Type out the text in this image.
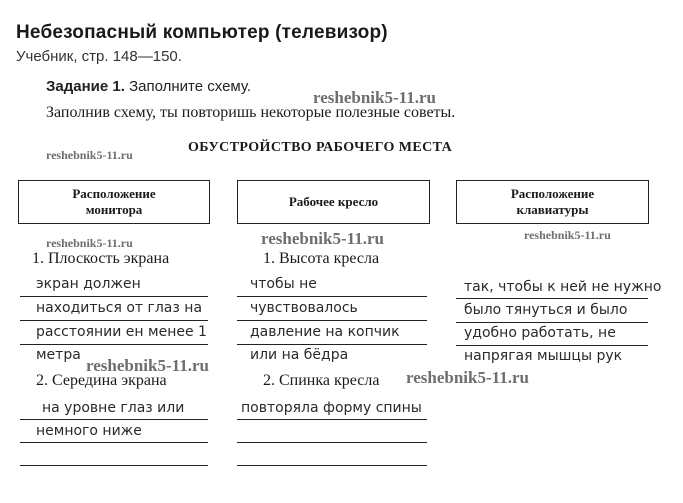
Небезопасный компьютер (телевизор)
Учебник, стр. 148—150.
Задание 1. Заполните схему.
Заполнив схему, ты повторишь некоторые полезные советы.
ОБУСТРОЙСТВО РАБОЧЕГО МЕСТА
Расположение
монитора
Рабочее кресло
Расположение
клавиатуры
1. Плоскость экрана
экран должен
находиться от глаз на
расстоянии ен менее 1
метра
2. Середина экрана
на уровне глаз или
немного ниже
1. Высота кресла
чтобы не
чувствовалось
давление на копчик
или на бёдра
2. Спинка кресла
повторяла форму спины
так, чтобы к ней не нужно
было тянуться и было
удобно работать, не
напрягая мышцы рук
reshebnik5-11.ru
reshebnik5-11.ru
reshebnik5-11.ru	reshebnik5-11.ru	reshebnik5-11.ru
reshebnik5-11.ru
reshebnik5-11.ru
